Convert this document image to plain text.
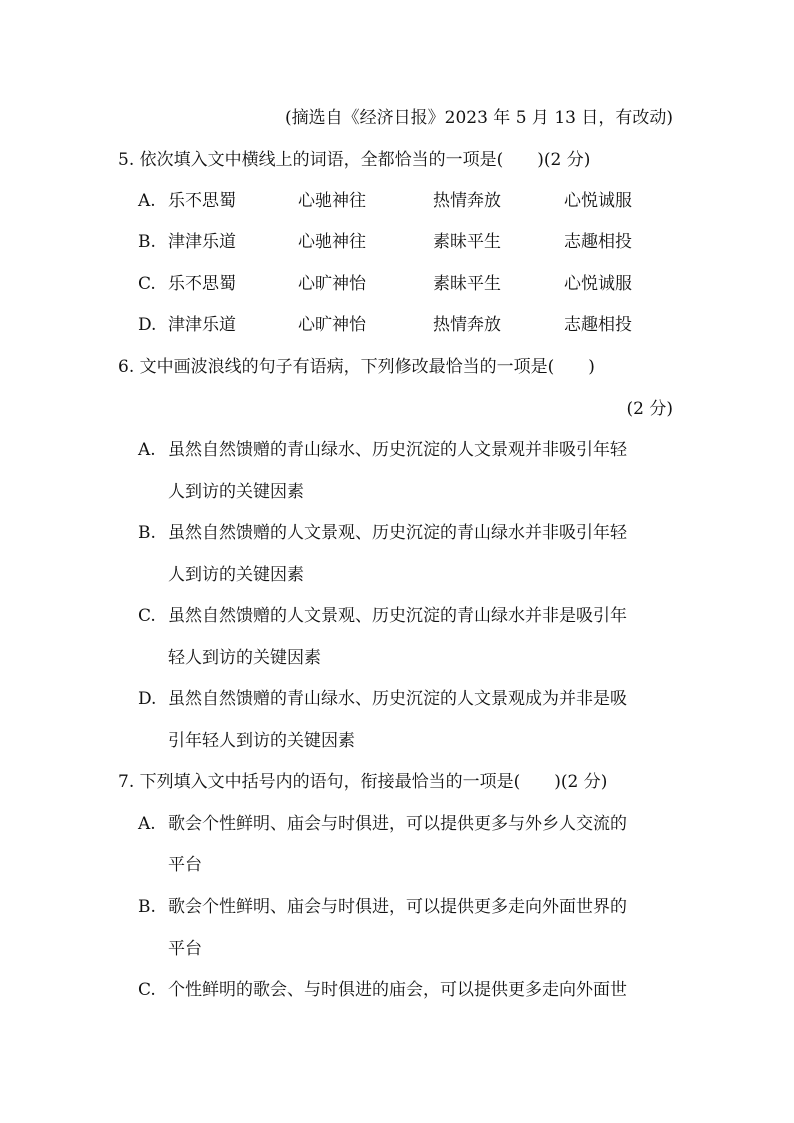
(摘选自《经济日报》2023 年 5 月 13 日，有改动)
5. 依次填入文中横线上的词语，全都恰当的一项是(　　)(2 分)
A. 乐不思蜀	心驰神往	热情奔放	心悦诚服
B. 津津乐道	心驰神往	素昧平生	志趣相投
C. 乐不思蜀	心旷神怡	素昧平生	心悦诚服
D. 津津乐道	心旷神怡	热情奔放	志趣相投
6. 文中画波浪线的句子有语病，下列修改最恰当的一项是(　　)
(2 分)
A. 虽然自然馈赠的青山绿水、历史沉淀的人文景观并非吸引年轻
人到访的关键因素
B. 虽然自然馈赠的人文景观、历史沉淀的青山绿水并非吸引年轻
人到访的关键因素
C. 虽然自然馈赠的人文景观、历史沉淀的青山绿水并非是吸引年
轻人到访的关键因素
D. 虽然自然馈赠的青山绿水、历史沉淀的人文景观成为并非是吸
引年轻人到访的关键因素
7. 下列填入文中括号内的语句，衔接最恰当的一项是(　　)(2 分)
A. 歌会个性鲜明、庙会与时俱进，可以提供更多与外乡人交流的
平台
B. 歌会个性鲜明、庙会与时俱进，可以提供更多走向外面世界的
平台
C. 个性鲜明的歌会、与时俱进的庙会，可以提供更多走向外面世
